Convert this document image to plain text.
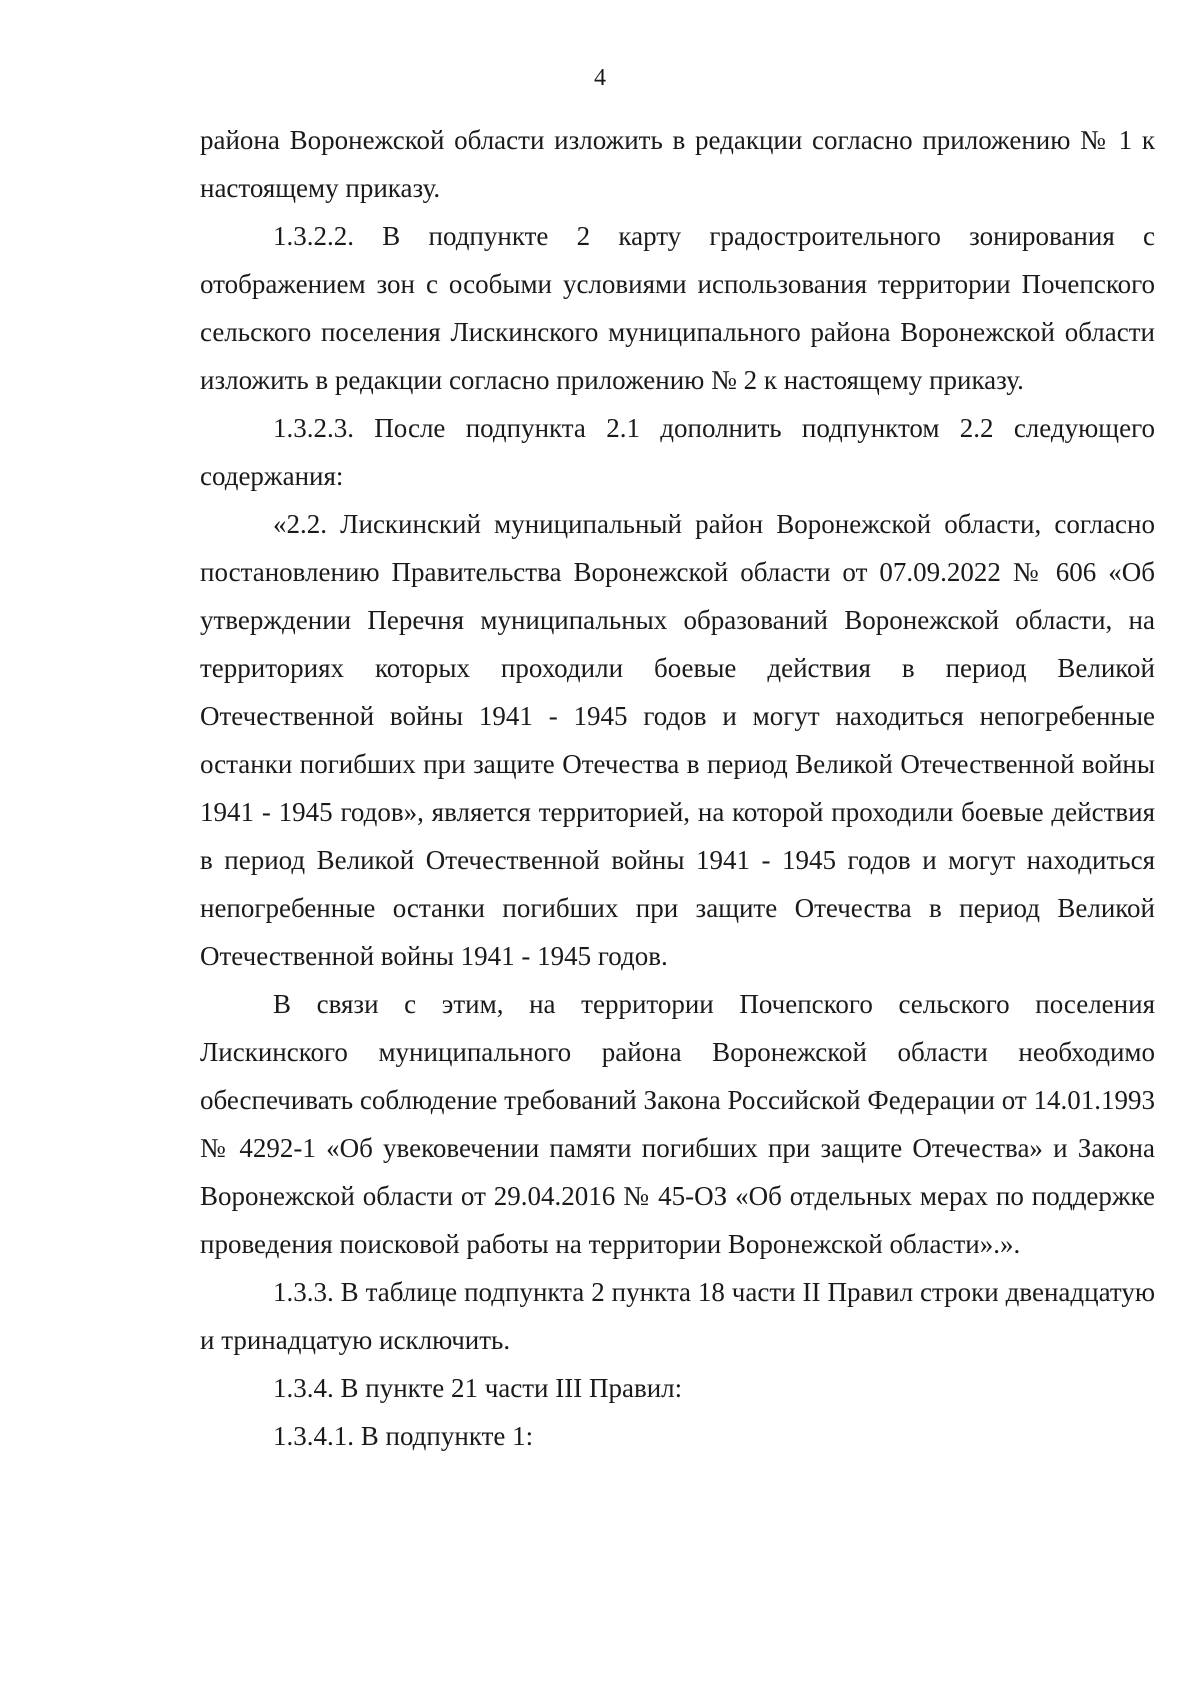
4

района Воронежской области изложить в редакции согласно приложению № 1 к настоящему приказу.

1.3.2.2. В подпункте 2 карту градостроительного зонирования с отображением зон с особыми условиями использования территории Почепского сельского поселения Лискинского муниципального района Воронежской области изложить в редакции согласно приложению № 2 к настоящему приказу.

1.3.2.3. После подпункта 2.1 дополнить подпунктом 2.2 следующего содержания:

«2.2. Лискинский муниципальный район Воронежской области, согласно постановлению Правительства Воронежской области от 07.09.2022 № 606 «Об утверждении Перечня муниципальных образований Воронежской области, на территориях которых проходили боевые действия в период Великой Отечественной войны 1941 - 1945 годов и могут находиться непогребенные останки погибших при защите Отечества в период Великой Отечественной войны 1941 - 1945 годов», является территорией, на которой проходили боевые действия в период Великой Отечественной войны 1941 - 1945 годов и могут находиться непогребенные останки погибших при защите Отечества в период Великой Отечественной войны 1941 - 1945 годов.

В связи с этим, на территории Почепского сельского поселения Лискинского муниципального района Воронежской области необходимо обеспечивать соблюдение требований Закона Российской Федерации от 14.01.1993 № 4292-1 «Об увековечении памяти погибших при защите Отечества» и Закона Воронежской области от 29.04.2016 № 45-ОЗ «Об отдельных мерах по поддержке проведения поисковой работы на территории Воронежской области».».

1.3.3. В таблице подпункта 2 пункта 18 части II Правил строки двенадцатую и тринадцатую исключить.

1.3.4. В пункте 21 части III Правил:

1.3.4.1. В подпункте 1:
